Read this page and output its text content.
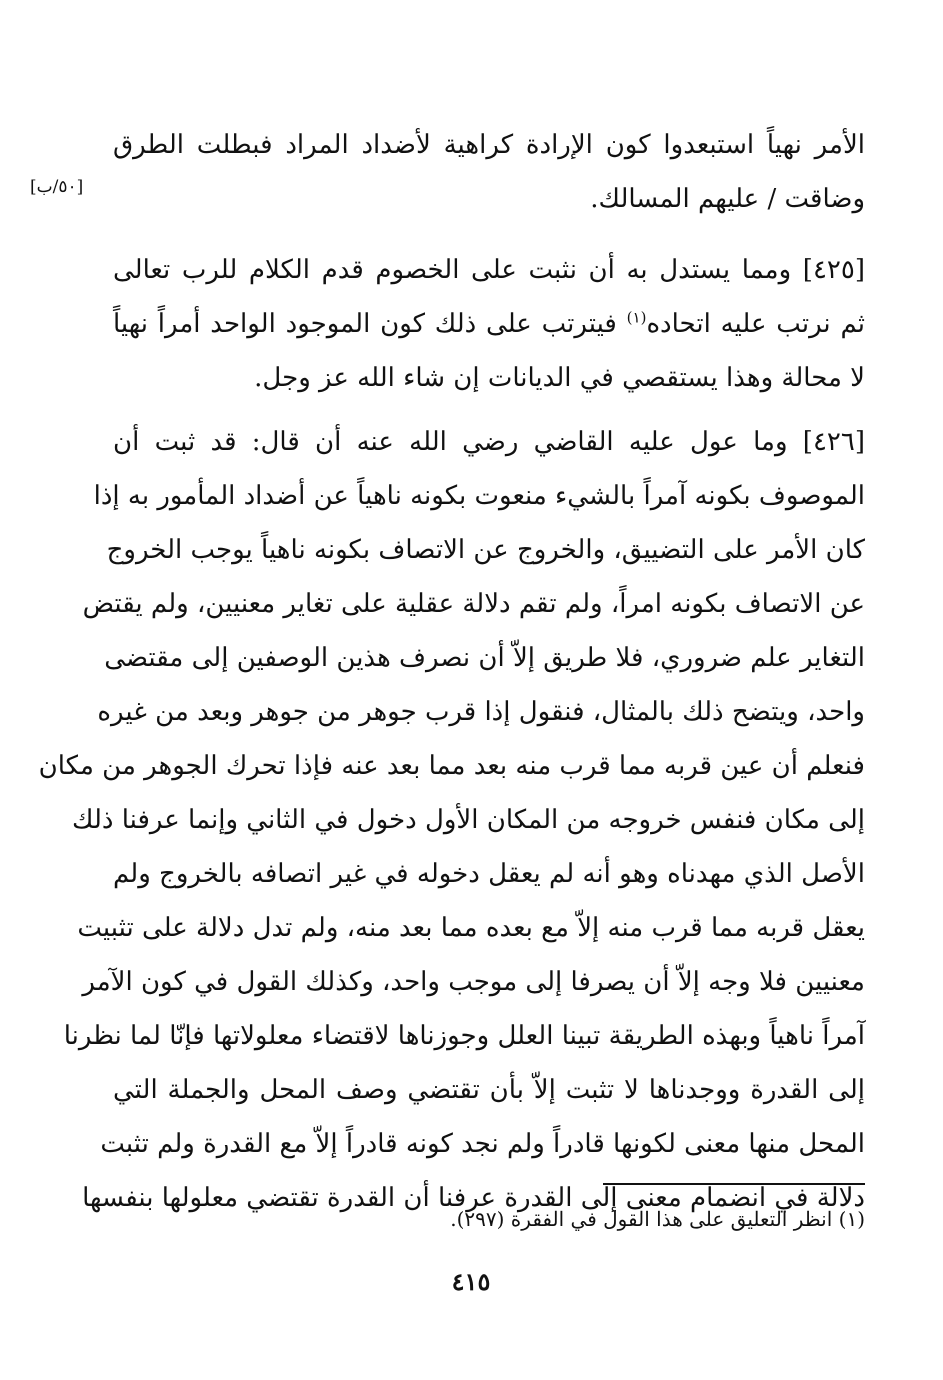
الأمر نهياً استبعدوا كون الإرادة كراهية لأضداد المراد فبطلت الطرق
وضاقت / عليهم المسالك.
[٥٠/ب]
[٤٢٥] ومما يستدل به أن نثبت على الخصوم قدم الكلام للرب تعالى
ثم نرتب عليه اتحاده$^{(١)}$ فيترتب على ذلك كون الموجود الواحد أمراً نهياً
لا محالة وهذا يستقصي في الديانات إن شاء الله عز وجل.
[٤٢٦] وما عول عليه القاضي رضي الله عنه أن قال: قد ثبت أن
الموصوف بكونه آمراً بالشيء منعوت بكونه ناهياً عن أضداد المأمور به إذا
كان الأمر على التضييق، والخروج عن الاتصاف بكونه ناهياً يوجب الخروج
عن الاتصاف بكونه امراً، ولم تقم دلالة عقلية على تغاير معنيين، ولم يقتض
التغاير علم ضروري، فلا طريق إلاّ أن نصرف هذين الوصفين إلى مقتضى
واحد، ويتضح ذلك بالمثال، فنقول إذا قرب جوهر من جوهر وبعد من غيره
فنعلم أن عين قربه مما قرب منه بعد مما بعد عنه فإذا تحرك الجوهر من مكان
إلى مكان فنفس خروجه من المكان الأول دخول في الثاني وإنما عرفنا ذلك
الأصل الذي مهدناه وهو أنه لم يعقل دخوله في غير اتصافه بالخروج ولم
يعقل قربه مما قرب منه إلاّ مع بعده مما بعد منه، ولم تدل دلالة على تثبيت
معنيين فلا وجه إلاّ أن يصرفا إلى موجب واحد، وكذلك القول في كون الآمر
آمراً ناهياً وبهذه الطريقة تبينا العلل وجوزناها لاقتضاء معلولاتها فإنّا لما نظرنا
إلى القدرة ووجدناها لا تثبت إلاّ بأن تقتضي وصف المحل والجملة التي
المحل منها معنى لكونها قادراً ولم نجد كونه قادراً إلاّ مع القدرة ولم تثبت
دلالة في انضمام معنى إلى القدرة عرفنا أن القدرة تقتضي معلولها بنفسها
(١) انظر التعليق على هذا القول في الفقرة (٢٩٧).
٤١٥
